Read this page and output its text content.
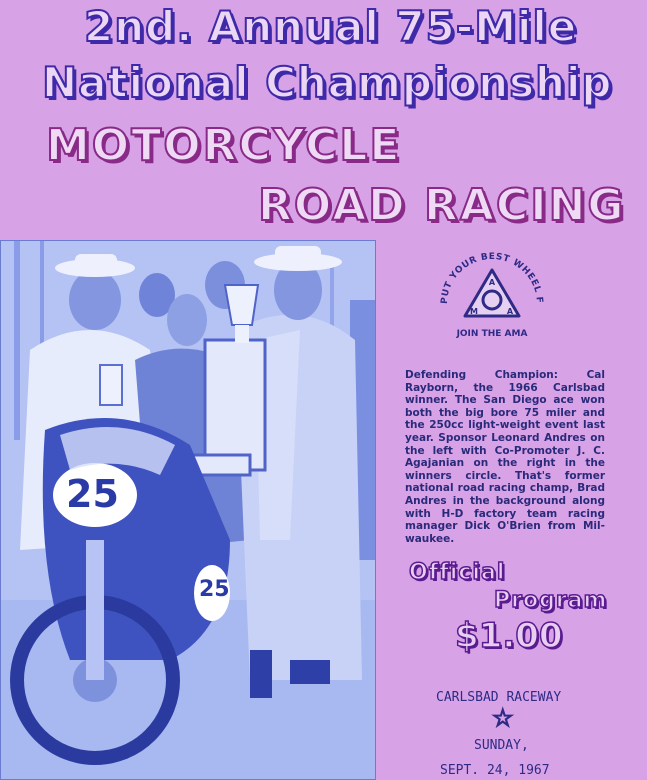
2nd. Annual 75-Mile
National Championship
MOTORCYCLE
ROAD RACING
25
25
PUT YOUR BEST WHEEL F
A
M	A
JOIN THE AMA
Defending Champion: Cal Rayborn, the 1966 Carlsbad winner. The San Diego ace won both the big bore 75 miler and the 250cc light-weight event last year. Sponsor Leonard Andres on the left with Co-Promoter J. C. Agajanian on the right in the winners circle. That's former national road racing champ, Brad Andres in the background along with H-D factory team racing manager Dick O'Brien from Mil-waukee.
Official
Program
$1.00
CARLSBAD RACEWAY
☆
SUNDAY,
SEPT. 24, 1967
